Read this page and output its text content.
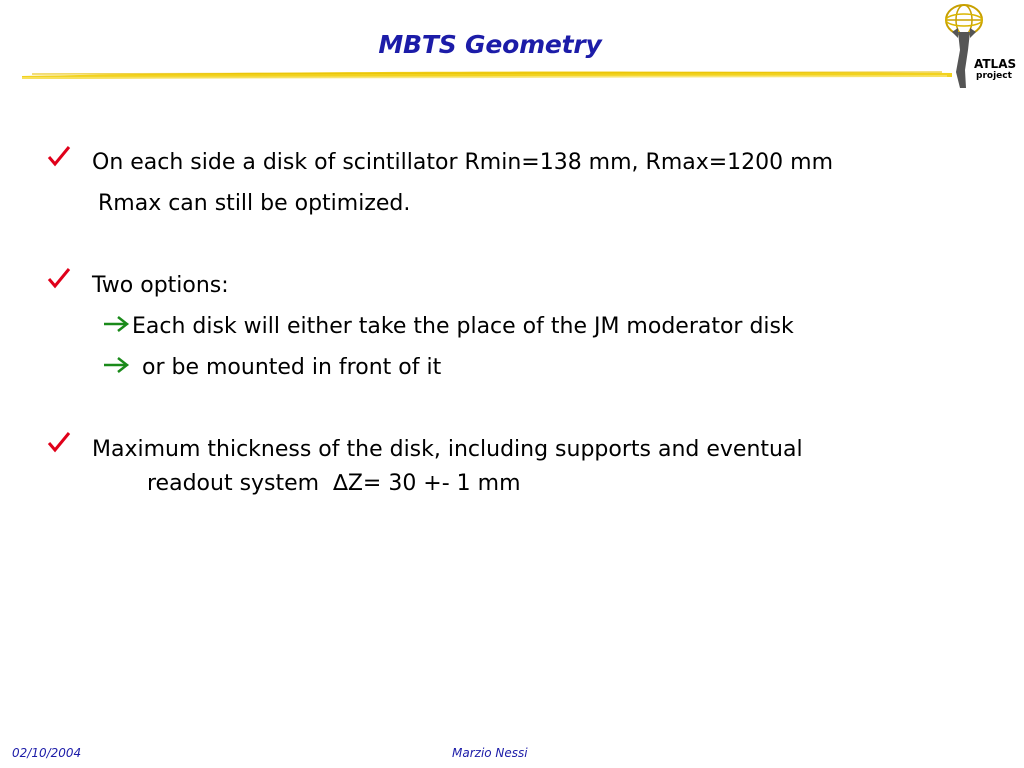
MBTS Geometry
ATLAS
project
On each side a disk of scintillator Rmin=138 mm, Rmax=1200 mm
Rmax can still be optimized.
Two options:
Each disk will either take the place of the JM moderator disk
or be mounted in front of it
Maximum thickness of the disk, including supports and eventual
readout system ∆Z= 30 +- 1 mm
02/10/2004	Marzio Nessi
